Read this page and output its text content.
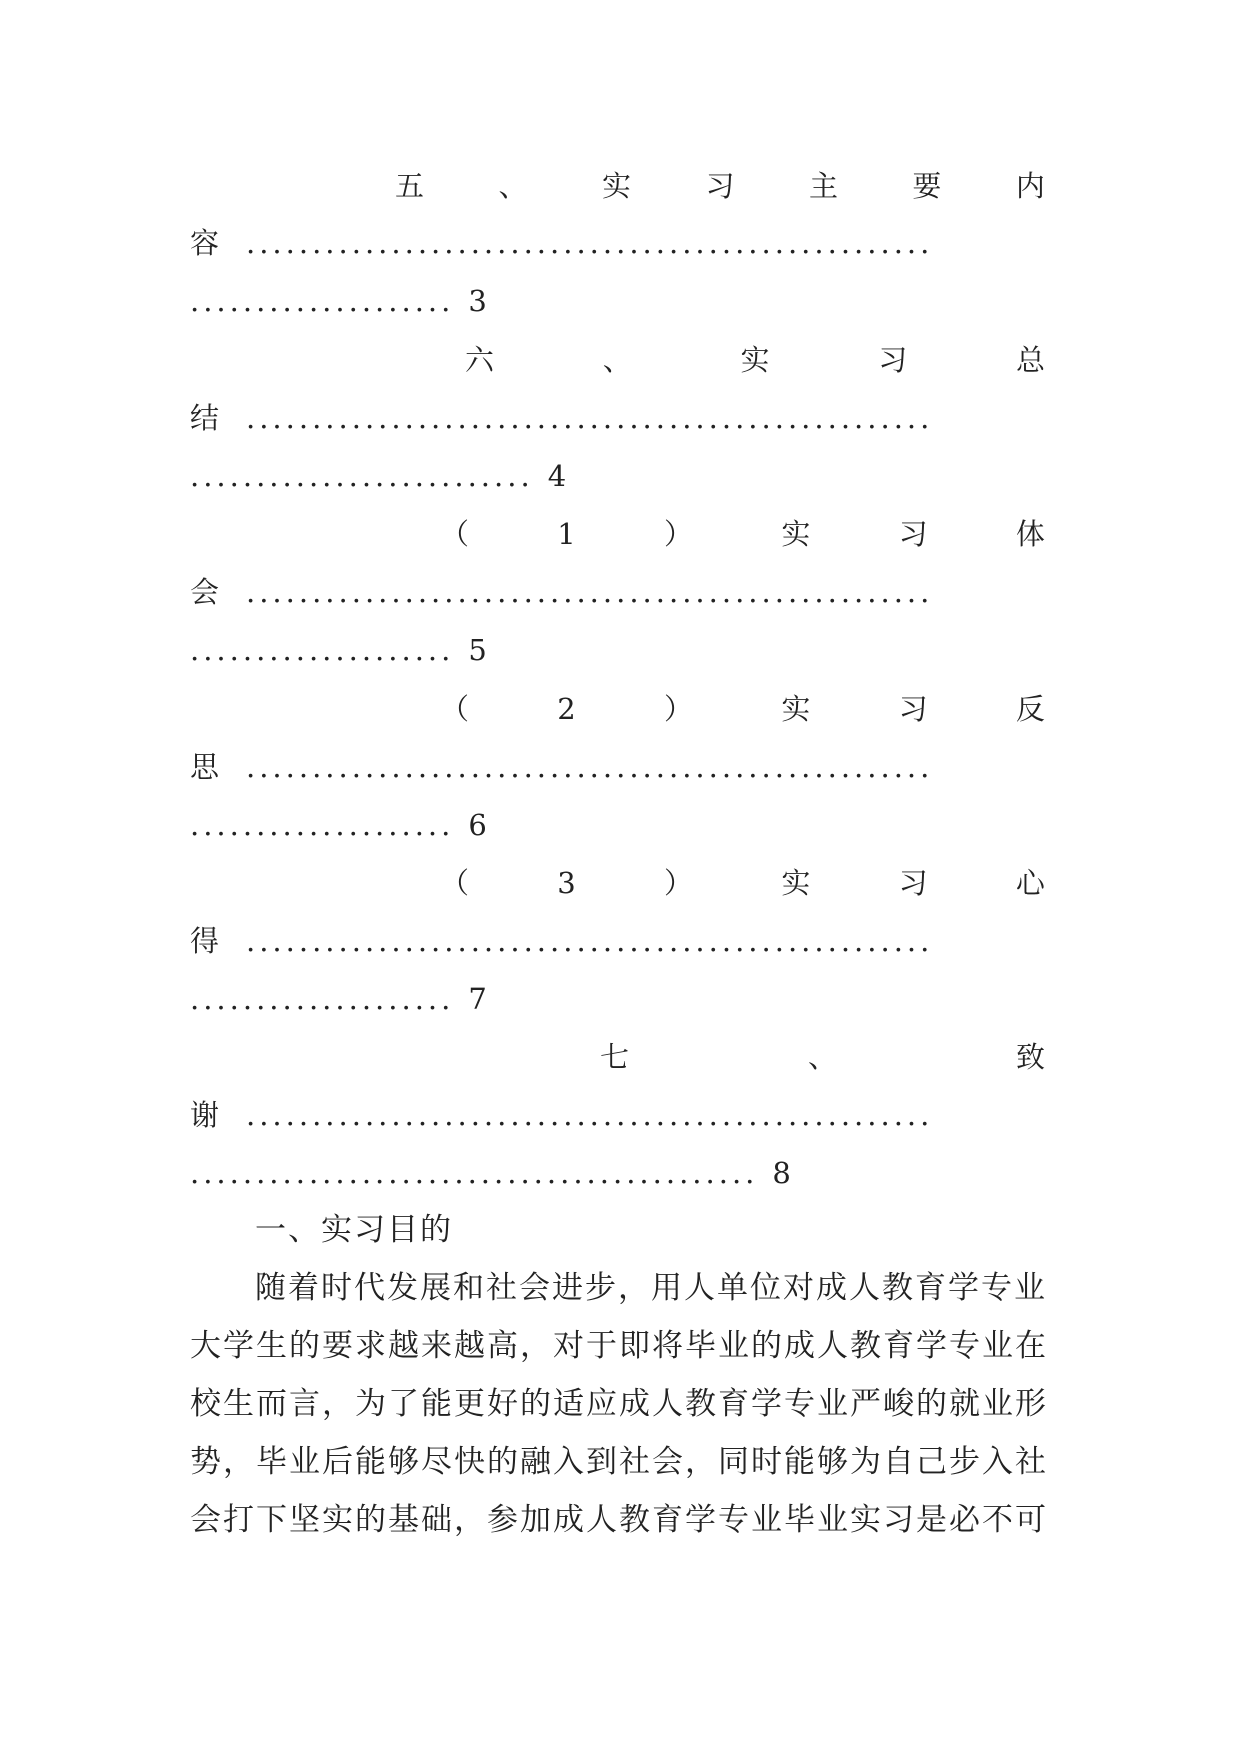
五	、	实	习	主	要	内
容 ....................................................
.................... 3
六	、	实	习	总
结 ....................................................
.......................... 4
（	1	）	实	习	体
会 ....................................................
.................... 5
（	2	）	实	习	反
思 ....................................................
.................... 6
（	3	）	实	习	心
得 ....................................................
.................... 7
七	、	致
谢 ....................................................
........................................... 8
一、实习目的
随着时代发展和社会进步，用人单位对成人教育学专业
大学生的要求越来越高，对于即将毕业的成人教育学专业在
校生而言，为了能更好的适应成人教育学专业严峻的就业形
势，毕业后能够尽快的融入到社会，同时能够为自己步入社
会打下坚实的基础，参加成人教育学专业毕业实习是必不可
